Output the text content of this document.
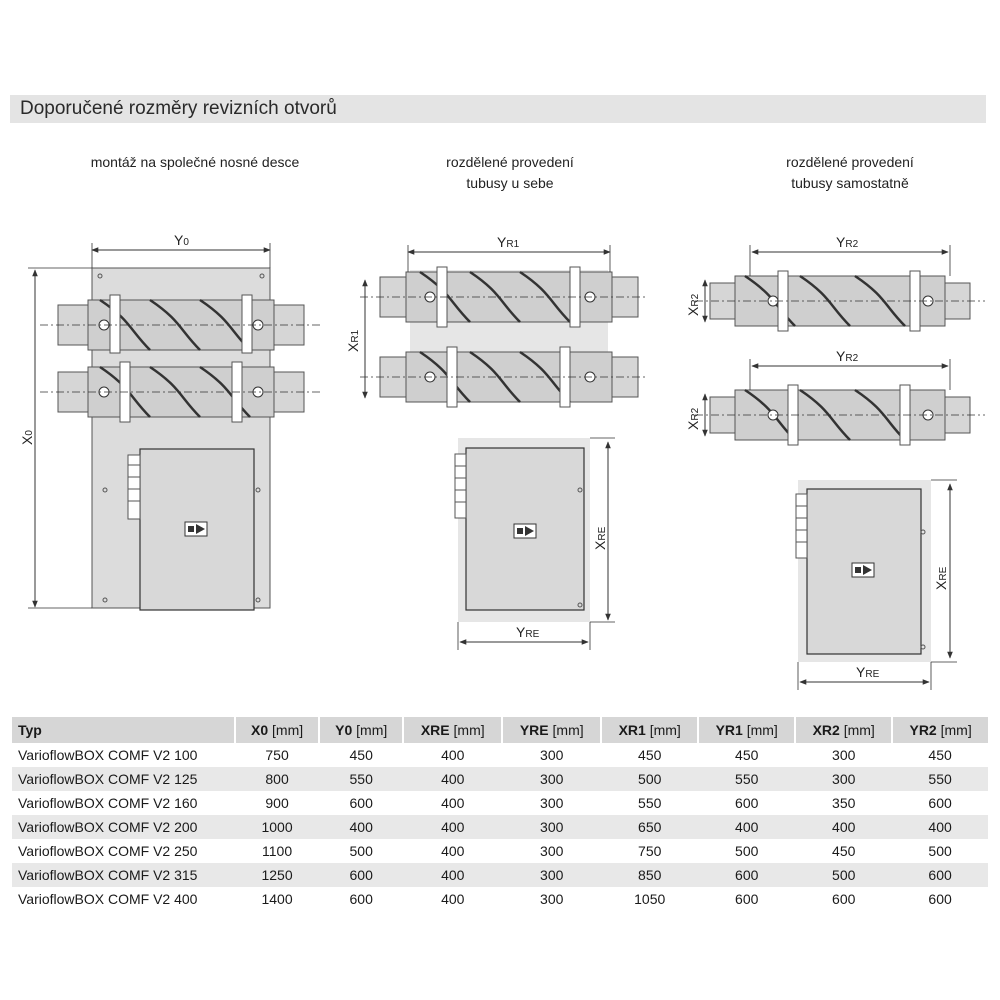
Doporučené rozměry revizních otvorů
montáž na společné nosné desce	rozdělené provedení
tubusy u sebe
rozdělené provedení
tubusy samostatně
Y0
X0
YR1
XR1
XRE
YRE
YR2
YR2
XR2
XR2
XRE
YRE
Typ	X0 [mm]	Y0 [mm]	XRE [mm]	YRE [mm]	XR1 [mm]	YR1 [mm]	XR2 [mm]	YR2 [mm]
VarioflowBOX COMF V2 100	750	450	400	300	450	450	300	450
VarioflowBOX COMF V2 125	800	550	400	300	500	550	300	550
VarioflowBOX COMF V2 160	900	600	400	300	550	600	350	600
VarioflowBOX COMF V2 200	1000	400	400	300	650	400	400	400
VarioflowBOX COMF V2 250	1100	500	400	300	750	500	450	500
VarioflowBOX COMF V2 315	1250	600	400	300	850	600	500	600
VarioflowBOX COMF V2 400	1400	600	400	300	1050	600	600	600
